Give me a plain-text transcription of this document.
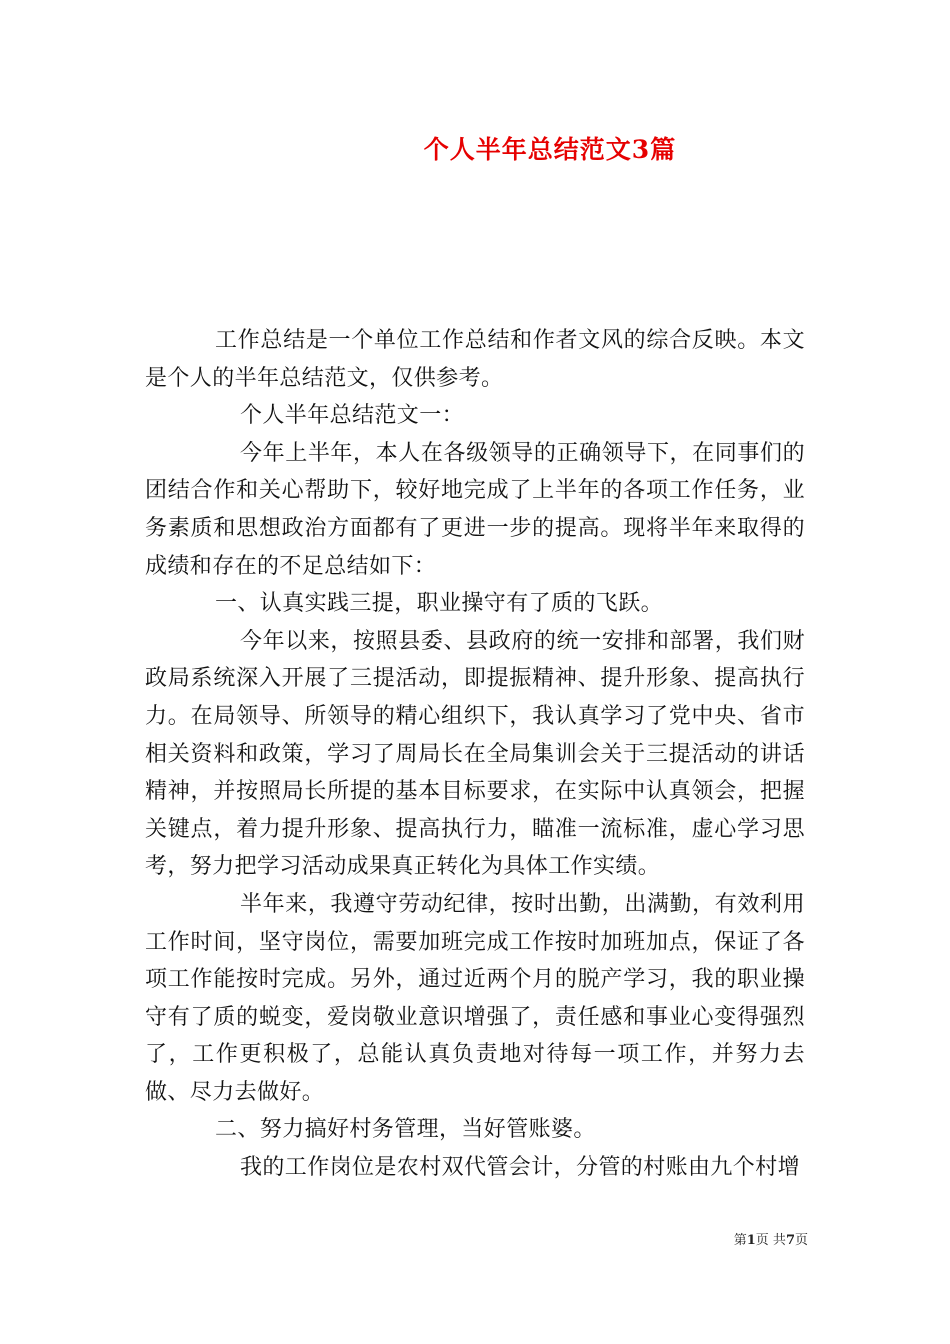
个人半年总结范文3篇

工作总结是一个单位工作总结和作者文风的综合反映。本文是个人的半年总结范文，仅供参考。

个人半年总结范文一：

今年上半年，本人在各级领导的正确领导下，在同事们的团结合作和关心帮助下，较好地完成了上半年的各项工作任务，业务素质和思想政治方面都有了更进一步的提高。现将半年来取得的成绩和存在的不足总结如下：

一、认真实践三提，职业操守有了质的飞跃。

今年以来，按照县委、县政府的统一安排和部署，我们财政局系统深入开展了三提活动，即提振精神、提升形象、提高执行力。在局领导、所领导的精心组织下，我认真学习了党中央、省市相关资料和政策，学习了周局长在全局集训会关于三提活动的讲话精神，并按照局长所提的基本目标要求，在实际中认真领会，把握关键点，着力提升形象、提高执行力，瞄准一流标准，虚心学习思考，努力把学习活动成果真正转化为具体工作实绩。

半年来，我遵守劳动纪律，按时出勤，出满勤，有效利用工作时间，坚守岗位，需要加班完成工作按时加班加点，保证了各项工作能按时完成。另外，通过近两个月的脱产学习，我的职业操守有了质的蜕变，爱岗敬业意识增强了，责任感和事业心变得强烈了，工作更积极了，总能认真负责地对待每一项工作，并努力去做、尽力去做好。

二、努力搞好村务管理，当好管账婆。

我的工作岗位是农村双代管会计，分管的村账由九个村增

第1页 共7页
